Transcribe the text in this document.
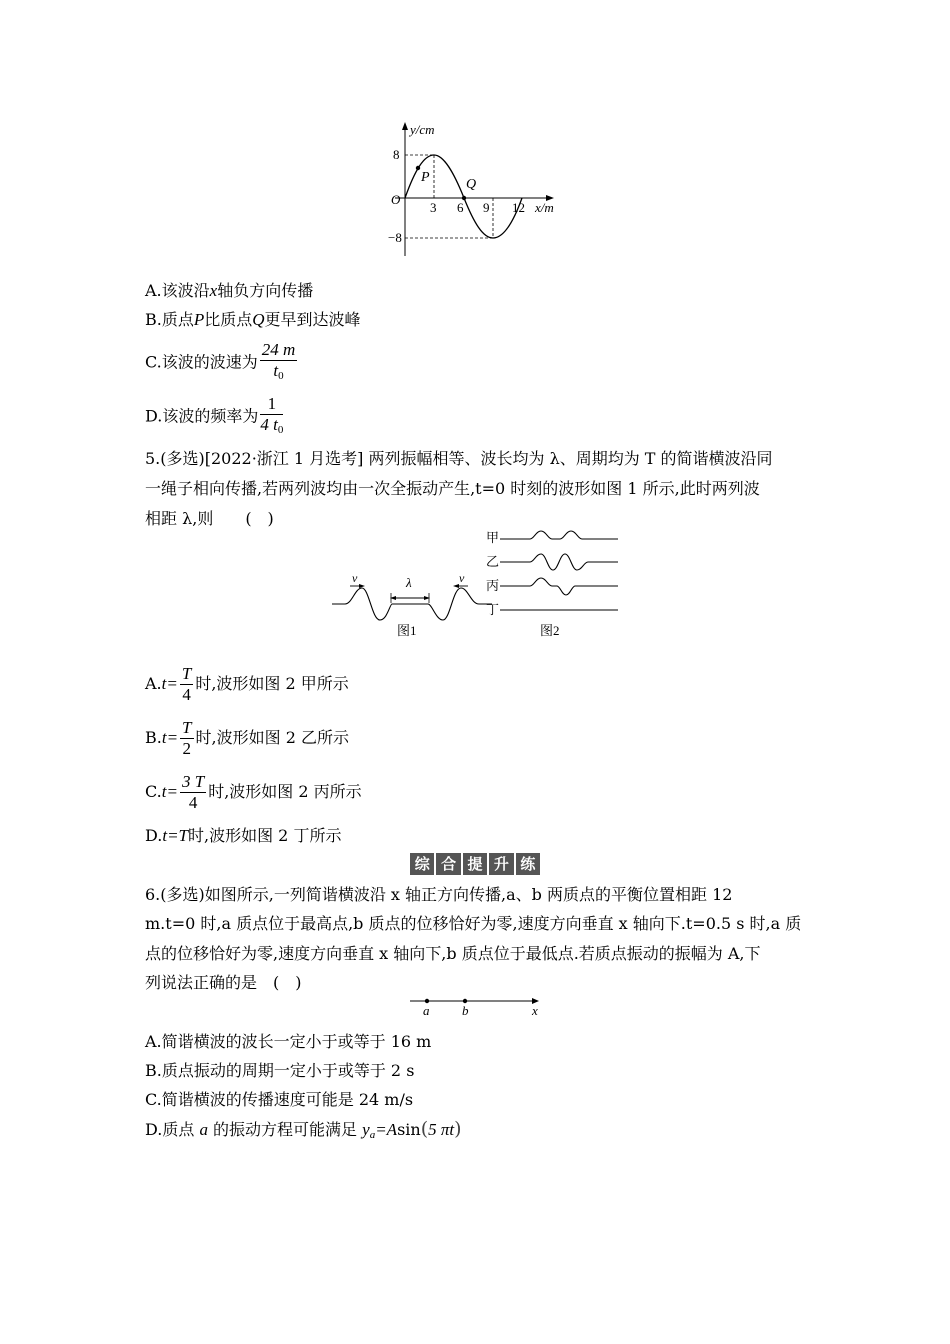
y/cm
x/m
O
8
−8
3 6 9 12
P	Q
A.该波沿x轴负方向传播
B.质点P比质点Q更早到达波峰
C.该波的波速为 $\frac{24 m}{t_0}$
D.该波的频率为 $\frac{1}{4 t_0}$
5.(多选)[2022·浙江 1 月选考] 两列振幅相等、波长均为 λ、周期均为 T 的简谐横波沿同
一绳子相向传播,若两列波均由一次全振动产生,t=0 时刻的波形如图 1 所示,此时两列波
相距 λ,则　　(　)
v	v
λ
图1
甲
乙
丙
丁
图2
$A.t= \frac{T}{4}$ 时,波形如图 2 甲所示
$B.t= \frac{T}{2}$ 时,波形如图 2 乙所示
$C.t= \frac{3 T}{4}$ 时,波形如图 2 丙所示
D.t=T时,波形如图 2 丁所示
综 合 提 升 练
6.(多选)如图所示,一列简谐横波沿 x 轴正方向传播,a、b 两质点的平衡位置相距 12
m.t=0 时,a 质点位于最高点,b 质点的位移恰好为零,速度方向垂直 x 轴向下.t=0.5 s 时,a 质
点的位移恰好为零,速度方向垂直 x 轴向下,b 质点位于最低点.若质点振动的振幅为 A,下
列说法正确的是　(　)
a	b	x
A.简谐横波的波长一定小于或等于 16 m
B.质点振动的周期一定小于或等于 2 s
C.简谐横波的传播速度可能是 24 m/s
D.质点 a 的振动方程可能满足 $y_a=Asin(5$ πt)
